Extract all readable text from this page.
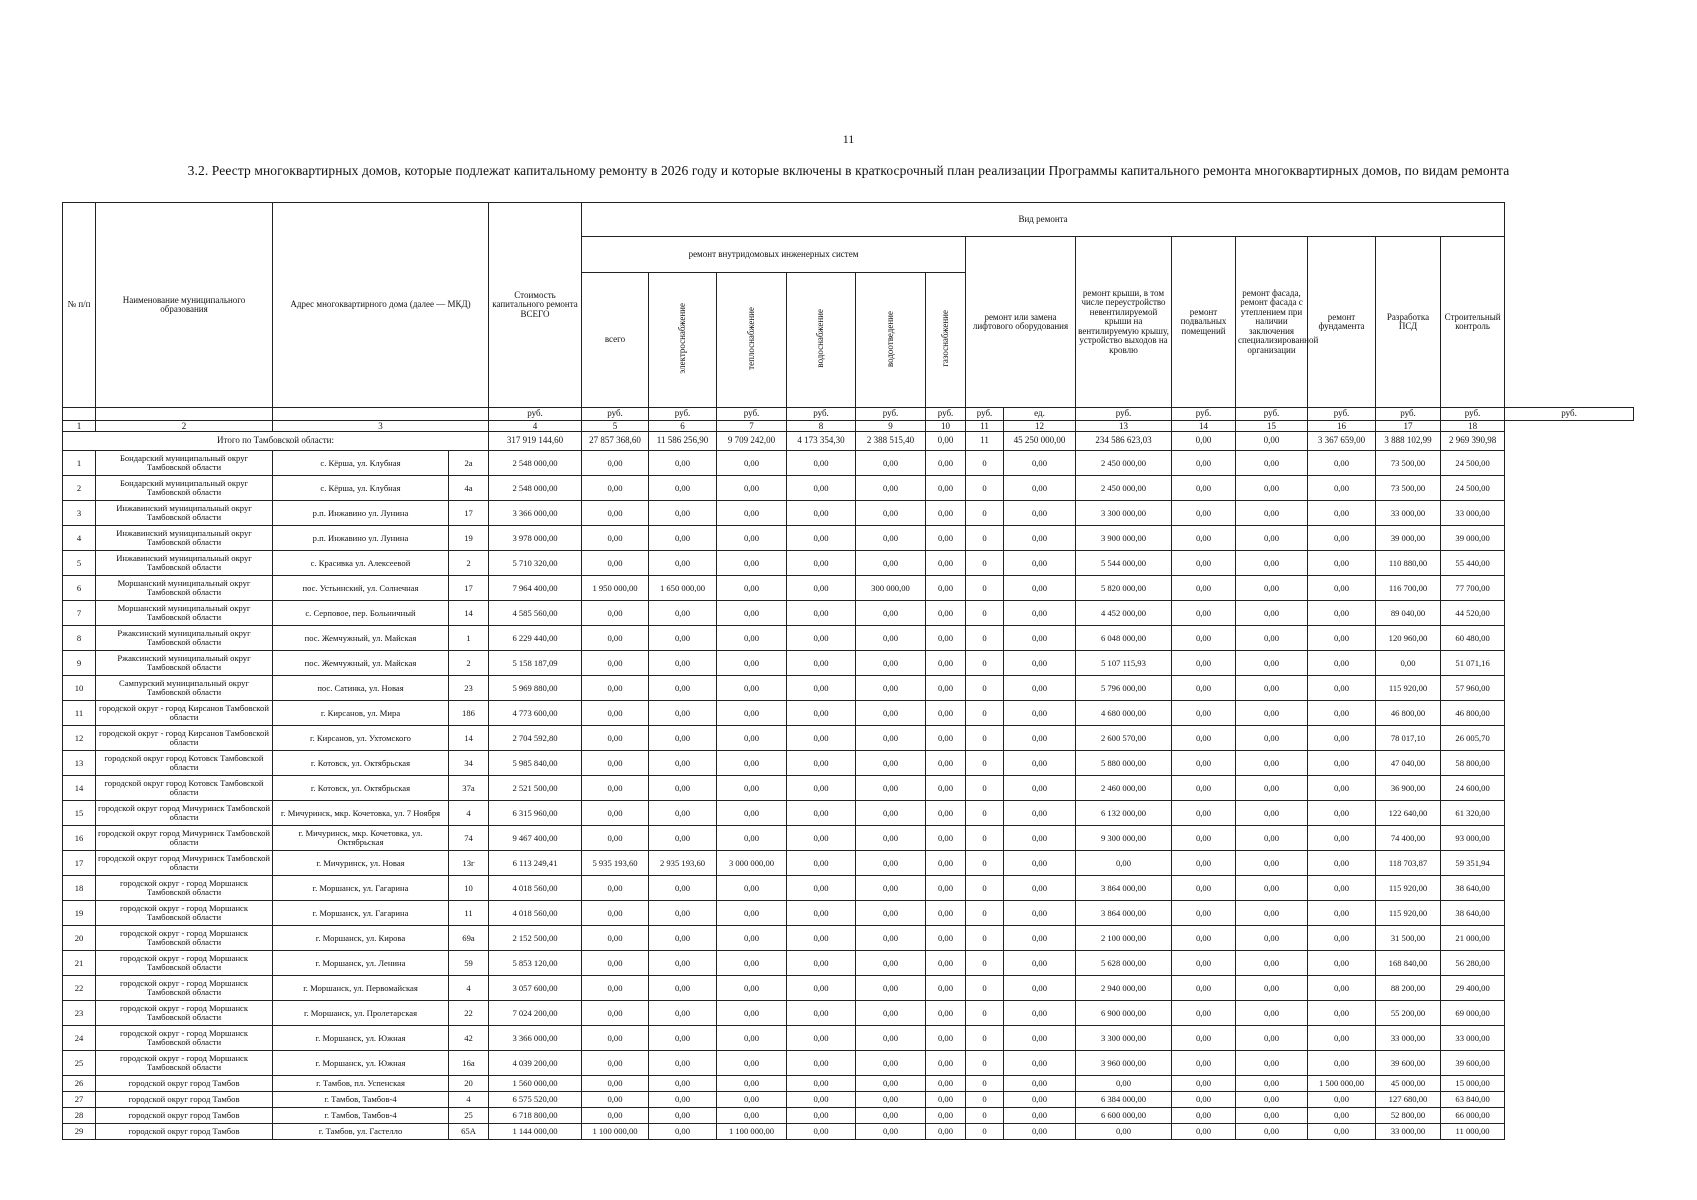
11
3.2. Реестр многоквартирных домов, которые подлежат капитальному ремонту в 2026 году и которые включены в краткосрочный план реализации Программы капитального ремонта многоквартирных домов, по видам ремонта
№ п/п	Наименование муниципального образования	Адрес многоквартирного дома (далее — МКД)		Стоимость капитального ремонта ВСЕГО	Вид ремонта														
					ремонт внутридомовых инженерных систем						ремонт или замена лифтового оборудования		ремонт крыши, в том числе переустройство невентилируемой крыши на вентилируемую крышу, устройство выходов на кровлю	ремонт подвальных помещений	ремонт фасада, ремонт фасада с утеплением при наличии заключения специализированной организации	ремонт фундамента	Разработка ПСД	Строительный контроль	
					всего	электроснабжение	теплоснабжение	водоснабжение	водоотведение	газоснабжение									
				руб.	руб.	руб.	руб.	руб.	руб.	руб.	руб.	ед.	руб.	руб.	руб.	руб.	руб.	руб.	руб.
1	2	3		4	5	6	7	8	9	10	11	12	13	14	15	16	17	18	
Итого по Тамбовской области:				317 919 144,60	27 857 368,60	11 586 256,90	9 709 242,00	4 173 354,30	2 388 515,40	0,00	11	45 250 000,00	234 586 623,03	0,00	0,00	3 367 659,00	3 888 102,99	2 969 390,98	
1	Бондарский муниципальный округ Тамбовской области	с. Кёрша, ул. Клубная	2а	2 548 000,00	0,00	0,00	0,00	0,00	0,00	0,00	0	0,00	2 450 000,00	0,00	0,00	0,00	73 500,00	24 500,00	
2	Бондарский муниципальный округ Тамбовской области	с. Кёрша, ул. Клубная	4а	2 548 000,00	0,00	0,00	0,00	0,00	0,00	0,00	0	0,00	2 450 000,00	0,00	0,00	0,00	73 500,00	24 500,00	
3	Инжавинский муниципальный округ Тамбовской области	р.п. Инжавино ул. Лунина	17	3 366 000,00	0,00	0,00	0,00	0,00	0,00	0,00	0	0,00	3 300 000,00	0,00	0,00	0,00	33 000,00	33 000,00	
4	Инжавинский муниципальный округ Тамбовской области	р.п. Инжавино ул. Лунина	19	3 978 000,00	0,00	0,00	0,00	0,00	0,00	0,00	0	0,00	3 900 000,00	0,00	0,00	0,00	39 000,00	39 000,00	
5	Инжавинский муниципальный округ Тамбовской области	с. Красивка ул. Алексеевой	2	5 710 320,00	0,00	0,00	0,00	0,00	0,00	0,00	0	0,00	5 544 000,00	0,00	0,00	0,00	110 880,00	55 440,00	
6	Моршанский муниципальный округ Тамбовской области	пос. Устьинский, ул. Солнечная	17	7 964 400,00	1 950 000,00	1 650 000,00	0,00	0,00	300 000,00	0,00	0	0,00	5 820 000,00	0,00	0,00	0,00	116 700,00	77 700,00	
7	Моршанский муниципальный округ Тамбовской области	с. Серповое, пер. Больничный	14	4 585 560,00	0,00	0,00	0,00	0,00	0,00	0,00	0	0,00	4 452 000,00	0,00	0,00	0,00	89 040,00	44 520,00	
8	Ржаксинский муниципальный округ Тамбовской области	пос. Жемчужный, ул. Майская	1	6 229 440,00	0,00	0,00	0,00	0,00	0,00	0,00	0	0,00	6 048 000,00	0,00	0,00	0,00	120 960,00	60 480,00	
9	Ржаксинский муниципальный округ Тамбовской области	пос. Жемчужный, ул. Майская	2	5 158 187,09	0,00	0,00	0,00	0,00	0,00	0,00	0	0,00	5 107 115,93	0,00	0,00	0,00	0,00	51 071,16	
10	Сампурский муниципальный округ Тамбовской области	пос. Сатинка, ул. Новая	23	5 969 880,00	0,00	0,00	0,00	0,00	0,00	0,00	0	0,00	5 796 000,00	0,00	0,00	0,00	115 920,00	57 960,00	
11	городской округ - город Кирсанов Тамбовской области	г. Кирсанов, ул. Мира	186	4 773 600,00	0,00	0,00	0,00	0,00	0,00	0,00	0	0,00	4 680 000,00	0,00	0,00	0,00	46 800,00	46 800,00	
12	городской округ - город Кирсанов Тамбовской области	г. Кирсанов, ул. Ухтомского	14	2 704 592,80	0,00	0,00	0,00	0,00	0,00	0,00	0	0,00	2 600 570,00	0,00	0,00	0,00	78 017,10	26 005,70	
13	городской округ город Котовск Тамбовской области	г. Котовск, ул. Октябрьская	34	5 985 840,00	0,00	0,00	0,00	0,00	0,00	0,00	0	0,00	5 880 000,00	0,00	0,00	0,00	47 040,00	58 800,00	
14	городской округ город Котовск Тамбовской области	г. Котовск, ул. Октябрьская	37а	2 521 500,00	0,00	0,00	0,00	0,00	0,00	0,00	0	0,00	2 460 000,00	0,00	0,00	0,00	36 900,00	24 600,00	
15	городской округ город Мичуринск Тамбовской области	г. Мичуринск, мкр. Кочетовка, ул. 7 Ноября	4	6 315 960,00	0,00	0,00	0,00	0,00	0,00	0,00	0	0,00	6 132 000,00	0,00	0,00	0,00	122 640,00	61 320,00	
16	городской округ город Мичуринск Тамбовской области	г. Мичуринск, мкр. Кочетовка, ул. Октябрьская	74	9 467 400,00	0,00	0,00	0,00	0,00	0,00	0,00	0	0,00	9 300 000,00	0,00	0,00	0,00	74 400,00	93 000,00	
17	городской округ город Мичуринск Тамбовской области	г. Мичуринск, ул. Новая	13г	6 113 249,41	5 935 193,60	2 935 193,60	3 000 000,00	0,00	0,00	0,00	0	0,00	0,00	0,00	0,00	0,00	118 703,87	59 351,94	
18	городской округ - город Моршанск Тамбовской области	г. Моршанск, ул. Гагарина	10	4 018 560,00	0,00	0,00	0,00	0,00	0,00	0,00	0	0,00	3 864 000,00	0,00	0,00	0,00	115 920,00	38 640,00	
19	городской округ - город Моршанск Тамбовской области	г. Моршанск, ул. Гагарина	11	4 018 560,00	0,00	0,00	0,00	0,00	0,00	0,00	0	0,00	3 864 000,00	0,00	0,00	0,00	115 920,00	38 640,00	
20	городской округ - город Моршанск Тамбовской области	г. Моршанск, ул. Кирова	69а	2 152 500,00	0,00	0,00	0,00	0,00	0,00	0,00	0	0,00	2 100 000,00	0,00	0,00	0,00	31 500,00	21 000,00	
21	городской округ - город Моршанск Тамбовской области	г. Моршанск, ул. Ленина	59	5 853 120,00	0,00	0,00	0,00	0,00	0,00	0,00	0	0,00	5 628 000,00	0,00	0,00	0,00	168 840,00	56 280,00	
22	городской округ - город Моршанск Тамбовской области	г. Моршанск, ул. Первомайская	4	3 057 600,00	0,00	0,00	0,00	0,00	0,00	0,00	0	0,00	2 940 000,00	0,00	0,00	0,00	88 200,00	29 400,00	
23	городской округ - город Моршанск Тамбовской области	г. Моршанск, ул. Пролетарская	22	7 024 200,00	0,00	0,00	0,00	0,00	0,00	0,00	0	0,00	6 900 000,00	0,00	0,00	0,00	55 200,00	69 000,00	
24	городской округ - город Моршанск Тамбовской области	г. Моршанск, ул. Южная	42	3 366 000,00	0,00	0,00	0,00	0,00	0,00	0,00	0	0,00	3 300 000,00	0,00	0,00	0,00	33 000,00	33 000,00	
25	городской округ - город Моршанск Тамбовской области	г. Моршанск, ул. Южная	16а	4 039 200,00	0,00	0,00	0,00	0,00	0,00	0,00	0	0,00	3 960 000,00	0,00	0,00	0,00	39 600,00	39 600,00	
26	городской округ город Тамбов	г. Тамбов, пл. Успенская	20	1 560 000,00	0,00	0,00	0,00	0,00	0,00	0,00	0	0,00	0,00	0,00	0,00	1 500 000,00	45 000,00	15 000,00	
27	городской округ город Тамбов	г. Тамбов, Тамбов-4	4	6 575 520,00	0,00	0,00	0,00	0,00	0,00	0,00	0	0,00	6 384 000,00	0,00	0,00	0,00	127 680,00	63 840,00	
28	городской округ город Тамбов	г. Тамбов, Тамбов-4	25	6 718 800,00	0,00	0,00	0,00	0,00	0,00	0,00	0	0,00	6 600 000,00	0,00	0,00	0,00	52 800,00	66 000,00	
29	городской округ город Тамбов	г. Тамбов, ул. Гастелло	65А	1 144 000,00	1 100 000,00	0,00	1 100 000,00	0,00	0,00	0,00	0	0,00	0,00	0,00	0,00	0,00	33 000,00	11 000,00	
